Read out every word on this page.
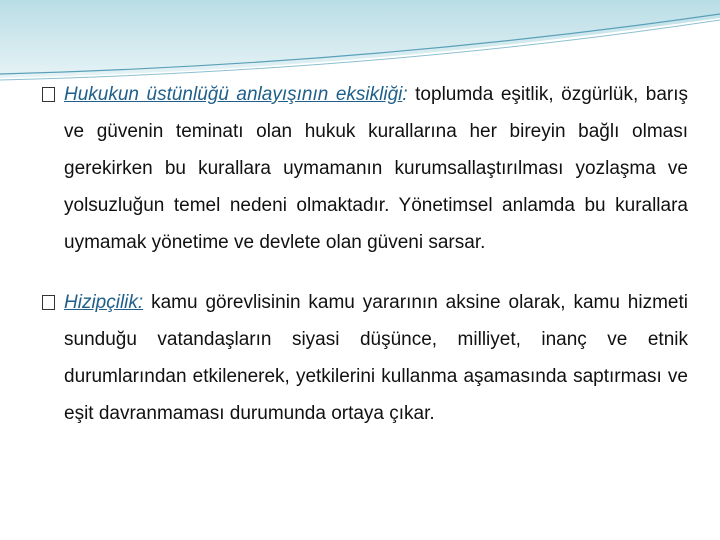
Hukukun üstünlüğü anlayışının eksikliği: toplumda eşitlik, özgürlük, barış ve güvenin teminatı olan hukuk kurallarına her bireyin bağlı olması gerekirken bu kurallara uymamanın kurumsallaştırılması yozlaşma ve yolsuzluğun temel nedeni olmaktadır. Yönetimsel anlamda bu kurallara uymamak yönetime ve devlete olan güveni sarsar.

Hizipçilik: kamu görevlisinin kamu yararının aksine olarak, kamu hizmeti sunduğu vatandaşların siyasi düşünce, milliyet, inanç ve etnik durumlarından etkilenerek, yetkilerini kullanma aşamasında saptırması ve eşit davranmaması durumunda ortaya çıkar.
